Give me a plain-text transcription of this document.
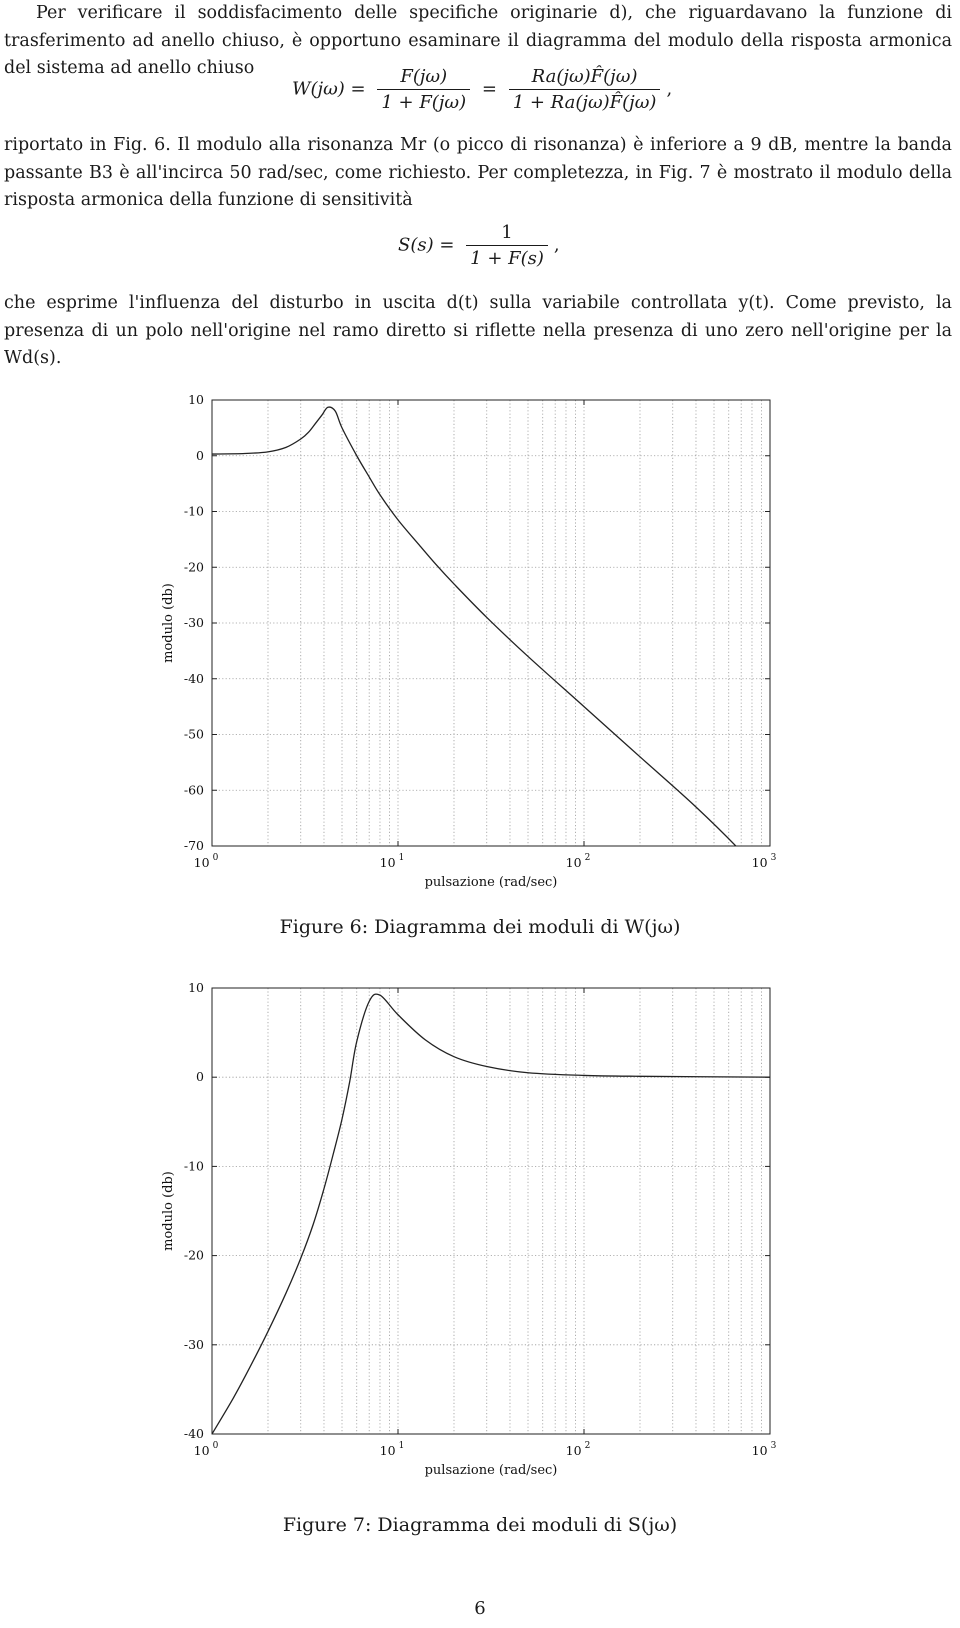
Per verificare il soddisfacimento delle specifiche originarie d), che riguardavano la funzione di trasferimento ad anello chiuso, è opportuno esaminare il diagramma del modulo della risposta armonica del sistema ad anello chiuso
$W(j\omega) = \frac{F(j\omega)}{1 + F(j\omega)} = \frac{Ra(j\omega)F̂(j\omega)}{1 + Ra(j\omega)F̂(j\omega)}$ ,
riportato in Fig. 6. Il modulo alla risonanza Mr (o picco di risonanza) è inferiore a 9 dB, mentre la banda passante B3 è all'incirca 50 rad/sec, come richiesto. Per completezza, in Fig. 7 è mostrato il modulo della risposta armonica della funzione di sensitività
$S(s) = \frac{1}{1 + F(s)}$ ,
che esprime l'influenza del disturbo in uscita d(t) sulla variabile controllata y(t). Come previsto, la presenza di un polo nell'origine nel ramo diretto si riflette nella presenza di uno zero nell'origine per la Wd(s).
10
0
-10
-20
-30
-40
-50
-60
-70
10 $^0$	10 $^1$	10 $^2$	10 $^3$
pulsazione (rad/sec)
modulo (db)
Figure 6: Diagramma dei moduli di W(jω)
10
0
-10
-20
-30
-40
10 $^0$	10 $^1$	10 $^2$	10 $^3$
pulsazione (rad/sec)
modulo (db)
Figure 7: Diagramma dei moduli di S(jω)
6
